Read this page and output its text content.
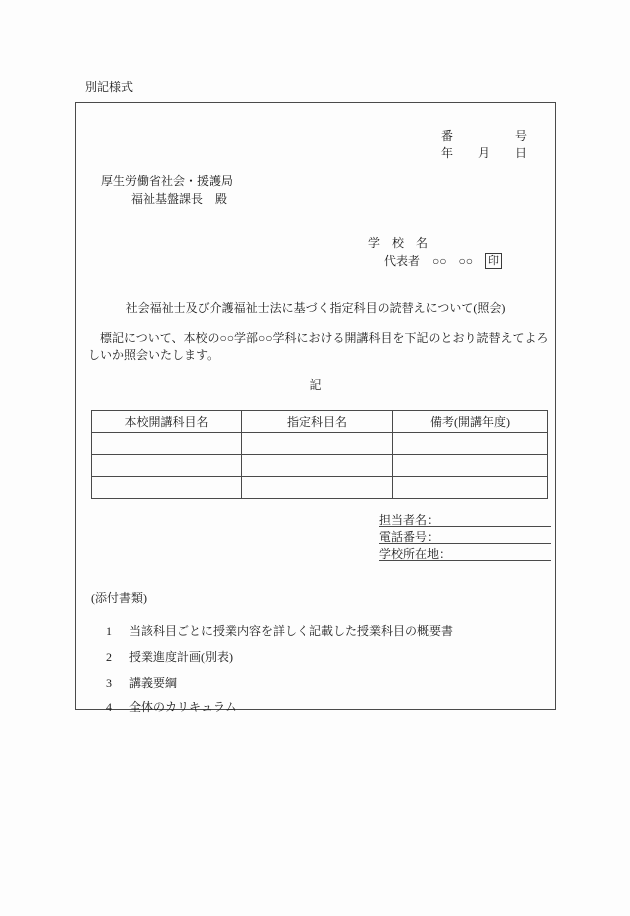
別記様式
番	号
年 月 日
厚生労働省社会・援護局
福祉基盤課長　殿
学　校　名
代表者　○○　○○ 印
社会福祉士及び介護福祉士法に基づく指定科目の読替えについて(照会)
　標記について、本校の○○学部○○学科における開講科目を下記のとおり読替えてよろしいか照会いたします。
記
本校開講科目名	指定科目名	備考(開講年度)

担当者名：
電話番号：
学校所在地：
(添付書類)
1 当該科目ごとに授業内容を詳しく記載した授業科目の概要書
2 授業進度計画(別表)
3 講義要綱
4 全体のカリキュラム
